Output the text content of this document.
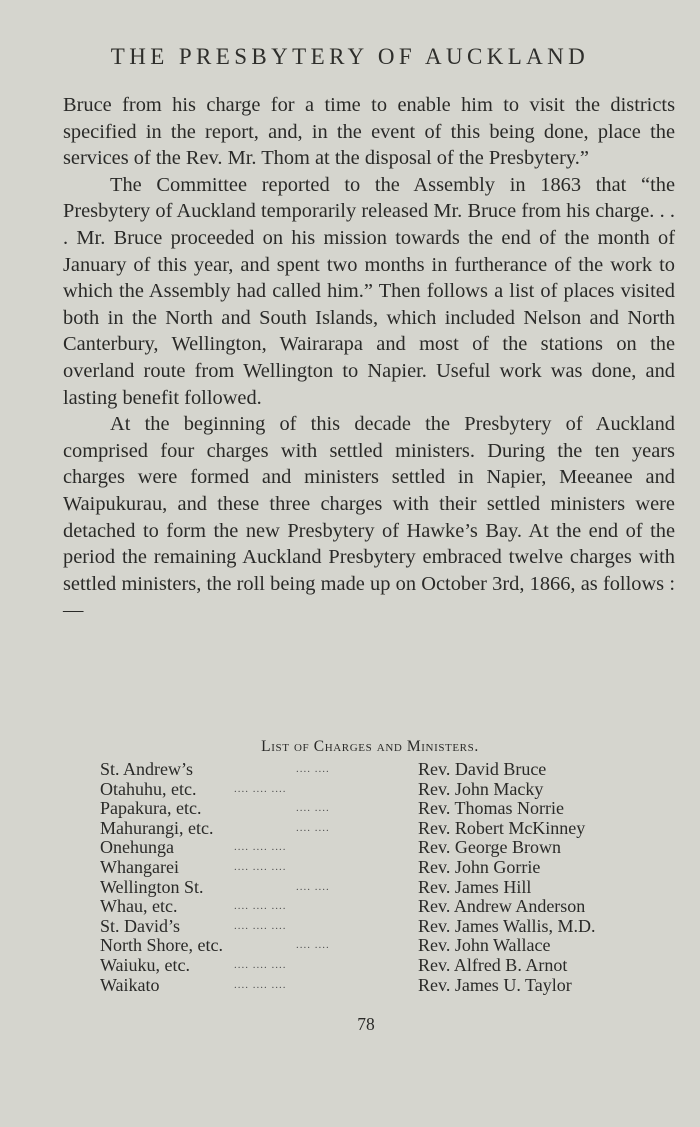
THE PRESBYTERY OF AUCKLAND

Bruce from his charge for a time to enable him to visit the districts specified in the report, and, in the event of this being done, place the services of the Rev. Mr. Thom at the disposal of the Presbytery.”

The Committee reported to the Assembly in 1863 that “the Presbytery of Auckland temporarily released Mr. Bruce from his charge. . . . Mr. Bruce proceeded on his mission towards the end of the month of January of this year, and spent two months in furtherance of the work to which the Assembly had called him.” Then follows a list of places visited both in the North and South Islands, which included Nelson and North Canterbury, Wellington, Wairarapa and most of the stations on the overland route from Wellington to Napier. Useful work was done, and lasting benefit followed.

At the beginning of this decade the Presbytery of Auckland comprised four charges with settled ministers. During the ten years charges were formed and ministers settled in Napier, Meeanee and Waipukurau, and these three charges with their settled ministers were detached to form the new Presbytery of Hawke’s Bay. At the end of the period the remaining Auckland Presbytery embraced twelve charges with settled ministers, the roll being made up on October 3rd, 1866, as follows :—

List of Charges and Ministers.
St. Andrew’s	.... ....	Rev. David Bruce
Otahuhu, etc.	.... .... ....	Rev. John Macky
Papakura, etc.	.... ....	Rev. Thomas Norrie
Mahurangi, etc.	.... ....	Rev. Robert McKinney
Onehunga	.... .... ....	Rev. George Brown
Whangarei	.... .... ....	Rev. John Gorrie
Wellington St.	.... ....	Rev. James Hill
Whau, etc.	.... .... ....	Rev. Andrew Anderson
St. David’s	.... .... ....	Rev. James Wallis, M.D.
North Shore, etc.	.... ....	Rev. John Wallace
Waiuku, etc.	.... .... ....	Rev. Alfred B. Arnot
Waikato	.... .... ....	Rev. James U. Taylor
78
